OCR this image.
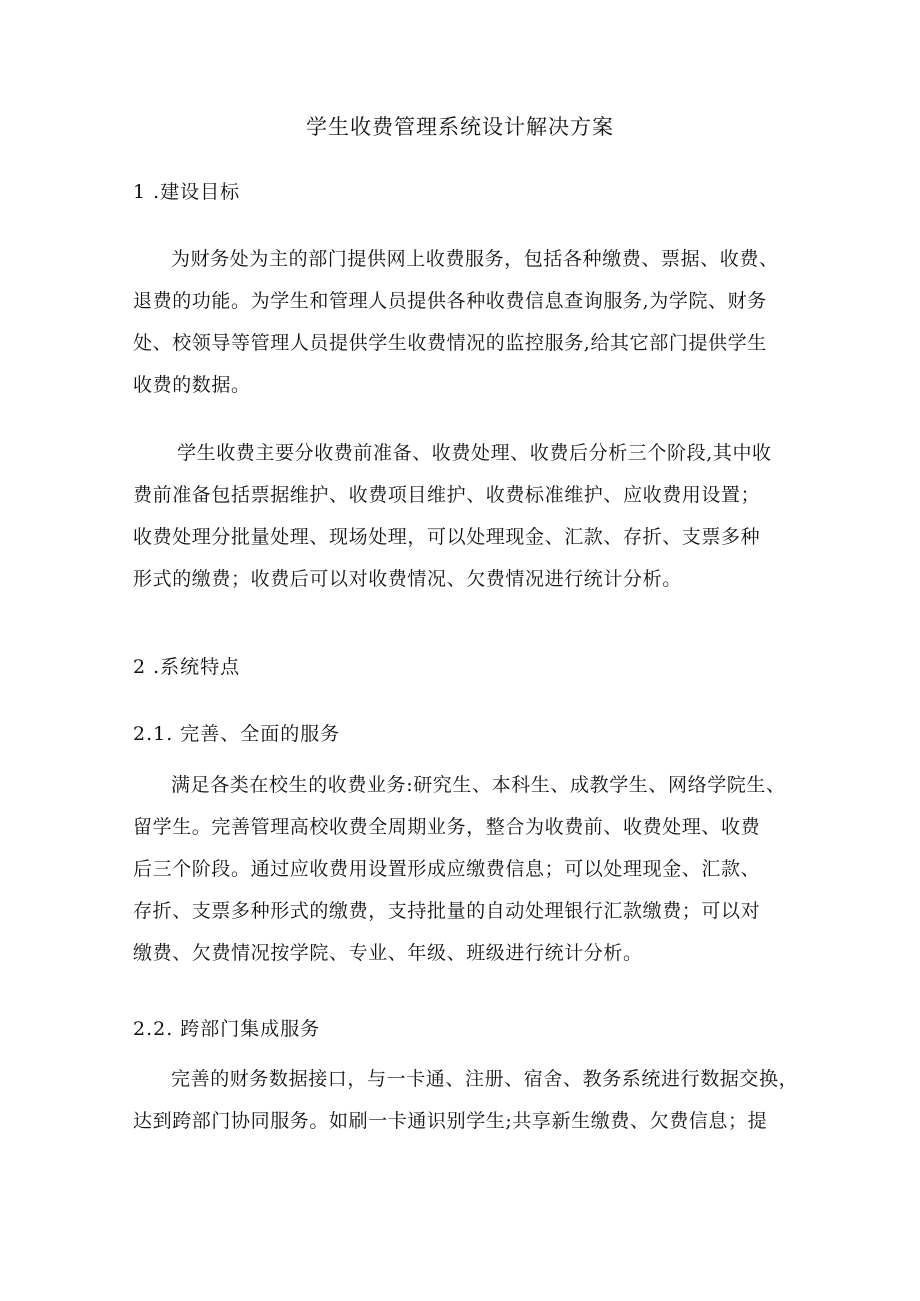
学生收费管理系统设计解决方案
1 .建设目标
为财务处为主的部门提供网上收费服务，包括各种缴费、票据、收费、
退费的功能。为学生和管理人员提供各种收费信息查询服务,为学院、财务
处、校领导等管理人员提供学生收费情况的监控服务,给其它部门提供学生
收费的数据。
学生收费主要分收费前准备、收费处理、收费后分析三个阶段,其中收
费前准备包括票据维护、收费项目维护、收费标准维护、应收费用设置；
收费处理分批量处理、现场处理，可以处理现金、汇款、存折、支票多种
形式的缴费；收费后可以对收费情况、欠费情况进行统计分析。
2 .系统特点
2.1. 完善、全面的服务
满足各类在校生的收费业务:研究生、本科生、成教学生、网络学院生、
留学生。完善管理高校收费全周期业务，整合为收费前、收费处理、收费
后三个阶段。通过应收费用设置形成应缴费信息；可以处理现金、汇款、
存折、支票多种形式的缴费，支持批量的自动处理银行汇款缴费；可以对
缴费、欠费情况按学院、专业、年级、班级进行统计分析。
2.2. 跨部门集成服务
完善的财务数据接口，与一卡通、注册、宿舍、教务系统进行数据交换，
达到跨部门协同服务。如刷一卡通识别学生;共享新生缴费、欠费信息；提
